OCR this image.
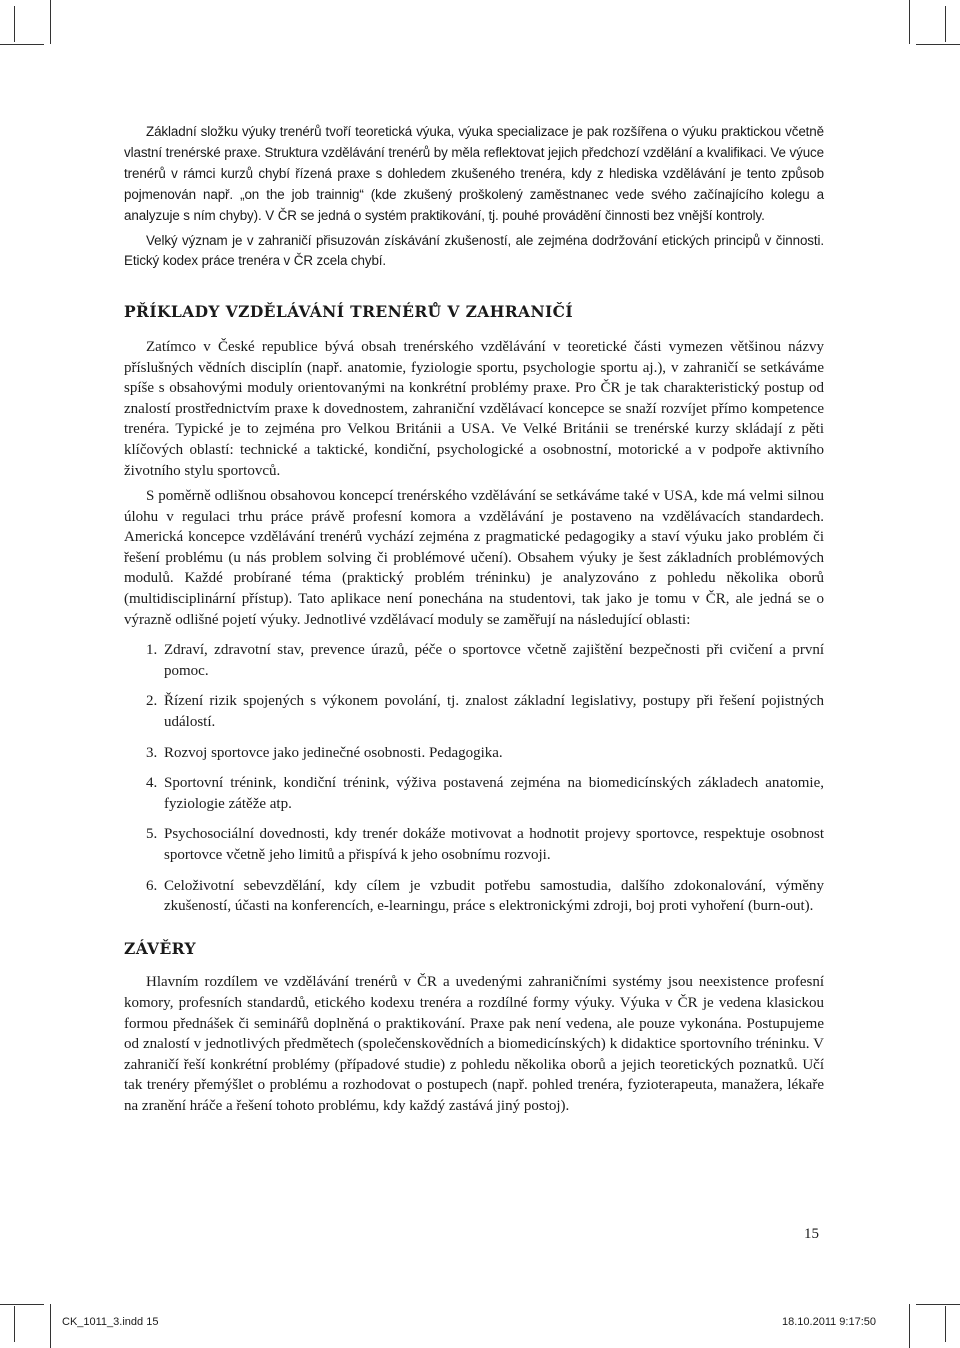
Základní složku výuky trenérů tvoří teoretická výuka, výuka specializace je pak rozšířena o výuku praktickou včetně vlastní trenérské praxe. Struktura vzdělávání trenérů by měla reflektovat jejich předchozí vzdělání a kvalifikaci. Ve výuce trenérů v rámci kurzů chybí řízená praxe s dohledem zkušeného trenéra, kdy z hlediska vzdělávání je tento způsob pojmenován např. „on the job trainnig“ (kde zkušený proškolený zaměstnanec vede svého začínajícího kolegu a analyzuje s ním chyby). V ČR se jedná o systém praktikování, tj. pouhé provádění činnosti bez vnější kontroly.

Velký význam je v zahraničí přisuzován získávání zkušeností, ale zejména dodržování etických principů v činnosti. Etický kodex práce trenéra v ČR zcela chybí.

PŘÍKLADY VZDĚLÁVÁNÍ TRENÉRŮ V ZAHRANIČÍ

Zatímco v České republice bývá obsah trenérského vzdělávání v teoretické části vymezen většinou názvy příslušných vědních disciplín (např. anatomie, fyziologie sportu, psychologie sportu aj.), v zahraničí se setkáváme spíše s obsahovými moduly orientovanými na konkrétní problémy praxe. Pro ČR je tak charakteristický postup od znalostí prostřednictvím praxe k dovednostem, zahraniční vzdělávací koncepce se snaží rozvíjet přímo kompetence trenéra. Typické je to zejména pro Velkou Británii a USA. Ve Velké Británii se trenérské kurzy skládají z pěti klíčových oblastí: technické a taktické, kondiční, psychologické a osobnostní, motorické a v podpoře aktivního životního stylu sportovců.

S poměrně odlišnou obsahovou koncepcí trenérského vzdělávání se setkáváme také v USA, kde má velmi silnou úlohu v regulaci trhu práce právě profesní komora a vzdělávání je postaveno na vzdělávacích standardech. Americká koncepce vzdělávání trenérů vychází zejména z pragmatické pedagogiky a staví výuku jako problém či řešení problému (u nás problem solving či problémové učení). Obsahem výuky je šest základních problémových modulů. Každé probírané téma (praktický problém tréninku) je analyzováno z pohledu několika oborů (multidisciplinární přístup). Tato aplikace není ponechána na studentovi, tak jako je tomu v ČR, ale jedná se o výrazně odlišné pojetí výuky. Jednotlivé vzdělávací moduly se zaměřují na následující oblasti:

1. Zdraví, zdravotní stav, prevence úrazů, péče o sportovce včetně zajištění bezpečnosti při cvičení a první pomoc.
2. Řízení rizik spojených s výkonem povolání, tj. znalost základní legislativy, postupy při řešení pojistných událostí.
3. Rozvoj sportovce jako jedinečné osobnosti. Pedagogika.
4. Sportovní trénink, kondiční trénink, výživa postavená zejména na biomedicínských základech anatomie, fyziologie zátěže atp.
5. Psychosociální dovednosti, kdy trenér dokáže motivovat a hodnotit projevy sportovce, respektuje osobnost sportovce včetně jeho limitů a přispívá k jeho osobnímu rozvoji.
6. Celoživotní sebevzdělání, kdy cílem je vzbudit potřebu samostudia, dalšího zdokonalování, výměny zkušeností, účasti na konferencích, e-learningu, práce s elektronickými zdroji, boj proti vyhoření (burn-out).
ZÁVĚRY

Hlavním rozdílem ve vzdělávání trenérů v ČR a uvedenými zahraničními systémy jsou neexistence profesní komory, profesních standardů, etického kodexu trenéra a rozdílné formy výuky. Výuka v ČR je vedena klasickou formou přednášek či seminářů doplněná o praktikování. Praxe pak není vedena, ale pouze vykonána. Postupujeme od znalostí v jednotlivých předmětech (společenskovědních a biomedicínských) k didaktice sportovního tréninku. V zahraničí řeší konkrétní problémy (případové studie) z pohledu několika oborů a jejich teoretických poznatků. Učí tak trenéry přemýšlet o problému a rozhodovat o postupech (např. pohled trenéra, fyzioterapeuta, manažera, lékaře na zranění hráče a řešení tohoto problému, kdy každý zastává jiný postoj).

15
CK_1011_3.indd 15	18.10.2011 9:17:50
